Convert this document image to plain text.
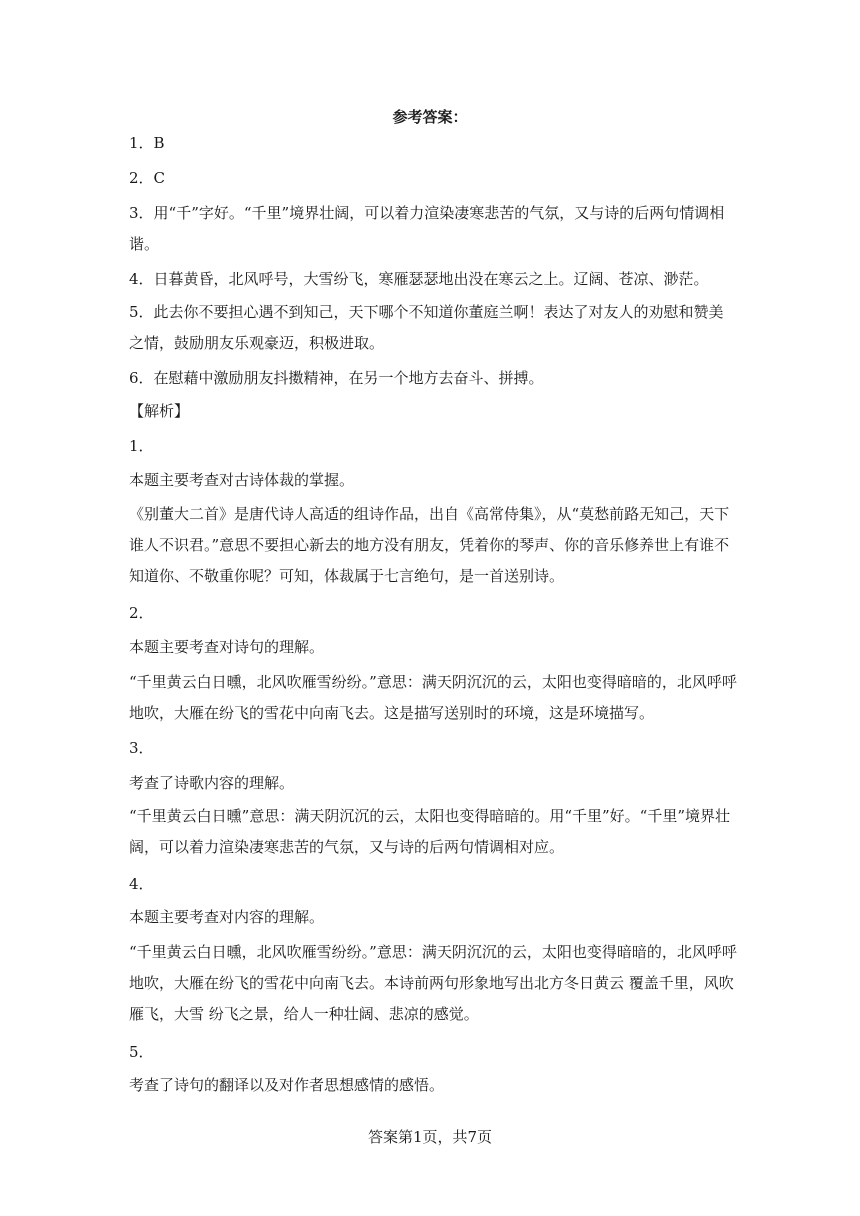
参考答案：

1．B

2．C

3．用“千”字好。“千里”境界壮阔，可以着力渲染凄寒悲苦的气氛，又与诗的后两句情调相谐。

4．日暮黄昏，北风呼号，大雪纷飞，寒雁瑟瑟地出没在寒云之上。辽阔、苍凉、渺茫。

5．此去你不要担心遇不到知己，天下哪个不知道你董庭兰啊！表达了对友人的劝慰和赞美之情，鼓励朋友乐观豪迈，积极进取。

6．在慰藉中激励朋友抖擞精神，在另一个地方去奋斗、拼搏。

【解析】

1．

本题主要考查对古诗体裁的掌握。

《别董大二首》是唐代诗人高适的组诗作品，出自《高常侍集》，从“莫愁前路无知己，天下谁人不识君。”意思不要担心新去的地方没有朋友，凭着你的琴声、你的音乐修养世上有谁不知道你、不敬重你呢？可知，体裁属于七言绝句，是一首送别诗。

2．

本题主要考查对诗句的理解。

“千里黄云白日曛，北风吹雁雪纷纷。”意思：满天阴沉沉的云，太阳也变得暗暗的，北风呼呼地吹，大雁在纷飞的雪花中向南飞去。这是描写送别时的环境，这是环境描写。

3．

考查了诗歌内容的理解。

“千里黄云白日曛”意思：满天阴沉沉的云，太阳也变得暗暗的。用“千里”好。“千里”境界壮阔，可以着力渲染凄寒悲苦的气氛，又与诗的后两句情调相对应。

4．

本题主要考查对内容的理解。

“千里黄云白日曛，北风吹雁雪纷纷。”意思：满天阴沉沉的云，太阳也变得暗暗的，北风呼呼地吹，大雁在纷飞的雪花中向南飞去。本诗前两句形象地写出北方冬日黄云 覆盖千里，风吹 雁飞，大雪 纷飞之景，给人一种壮阔、悲凉的感觉。

5．

考查了诗句的翻译以及对作者思想感情的感悟。

答案第1页，共7页
